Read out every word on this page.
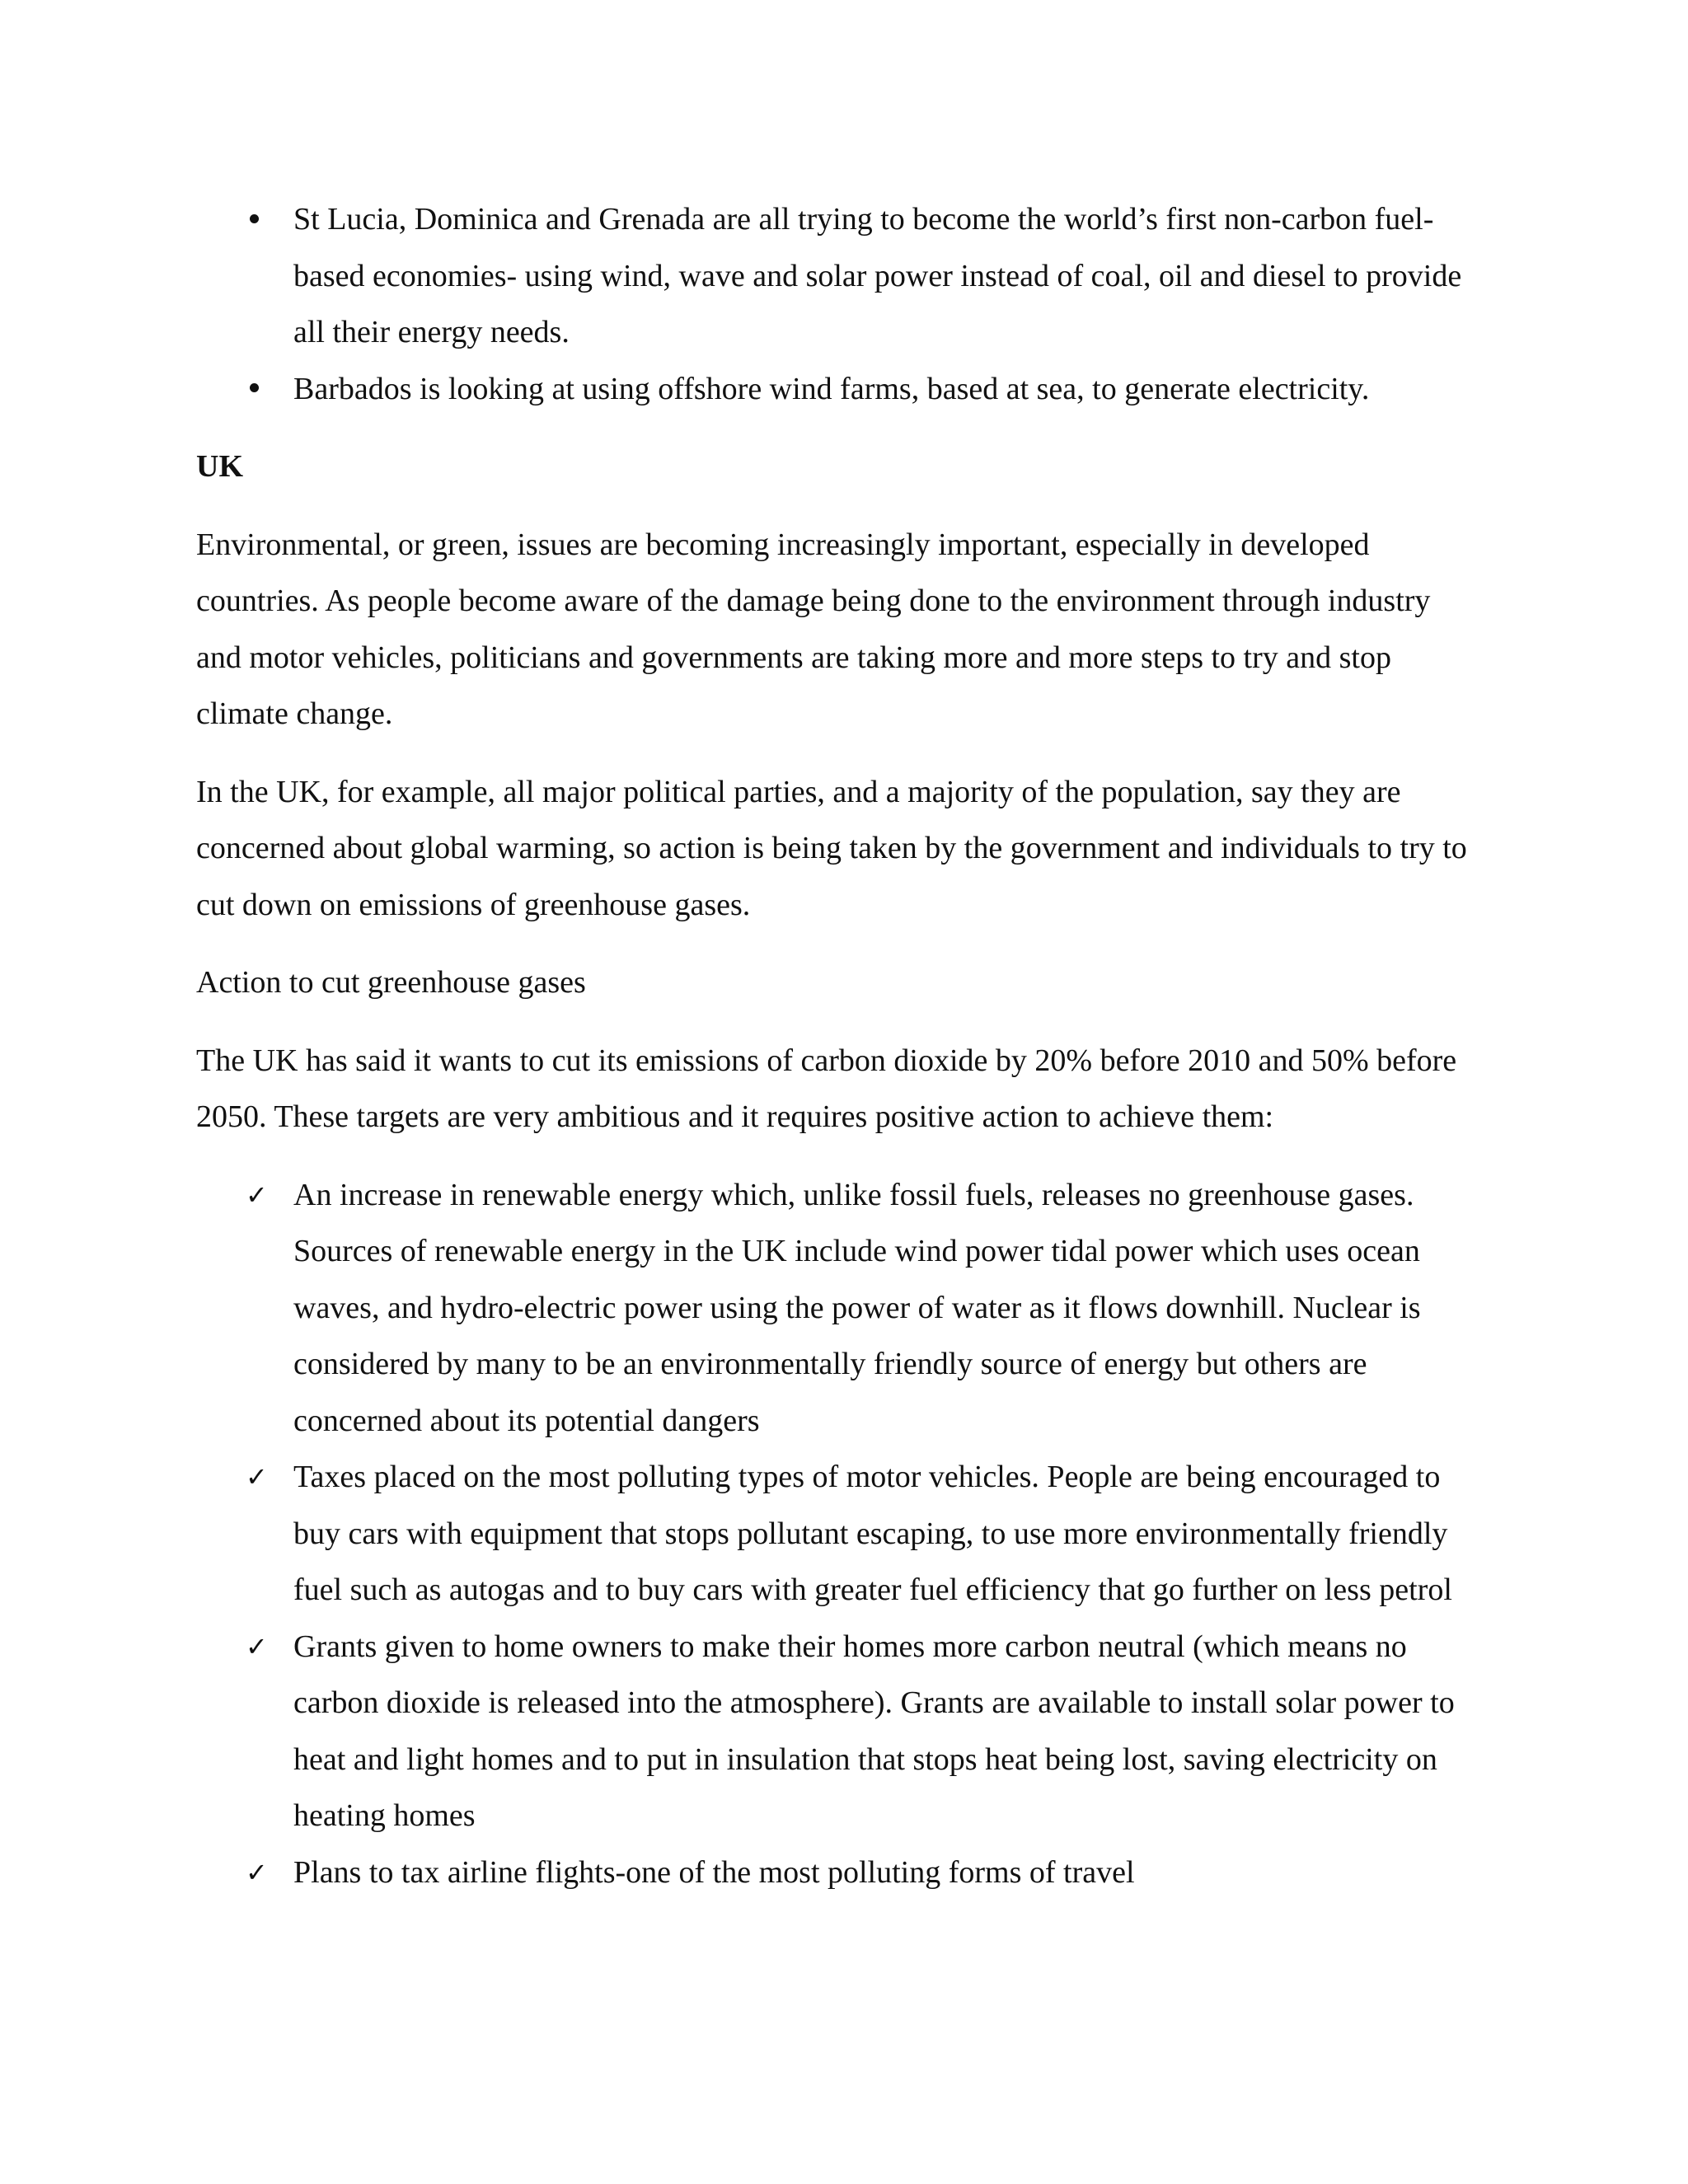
St Lucia, Dominica and Grenada are all trying to become the world’s first non-carbon fuel-based economies- using wind, wave and solar power instead of coal, oil and diesel to provide all their energy needs.
Barbados is looking at using offshore wind farms, based at sea, to generate electricity.
UK

Environmental, or green, issues are becoming increasingly important, especially in developed countries. As people become aware of the damage being done to the environment through industry and motor vehicles, politicians and governments are taking more and more steps to try and stop climate change.

In the UK, for example, all major political parties, and a majority of the population, say they are concerned about global warming, so action is being taken by the government and individuals to try to cut down on emissions of greenhouse gases.

Action to cut greenhouse gases

The UK has said it wants to cut its emissions of carbon dioxide by 20% before 2010 and 50% before 2050. These targets are very ambitious and it requires positive action to achieve them:

✓ An increase in renewable energy which, unlike fossil fuels, releases no greenhouse gases. Sources of renewable energy in the UK include wind power tidal power which uses ocean waves, and hydro-electric power using the power of water as it flows downhill. Nuclear is considered by many to be an environmentally friendly source of energy but others are concerned about its potential dangers
✓ Taxes placed on the most polluting types of motor vehicles. People are being encouraged to buy cars with equipment that stops pollutant escaping, to use more environmentally friendly fuel such as autogas and to buy cars with greater fuel efficiency that go further on less petrol
✓ Grants given to home owners to make their homes more carbon neutral (which means no carbon dioxide is released into the atmosphere). Grants are available to install solar power to heat and light homes and to put in insulation that stops heat being lost, saving electricity on heating homes
✓ Plans to tax airline flights-one of the most polluting forms of travel
